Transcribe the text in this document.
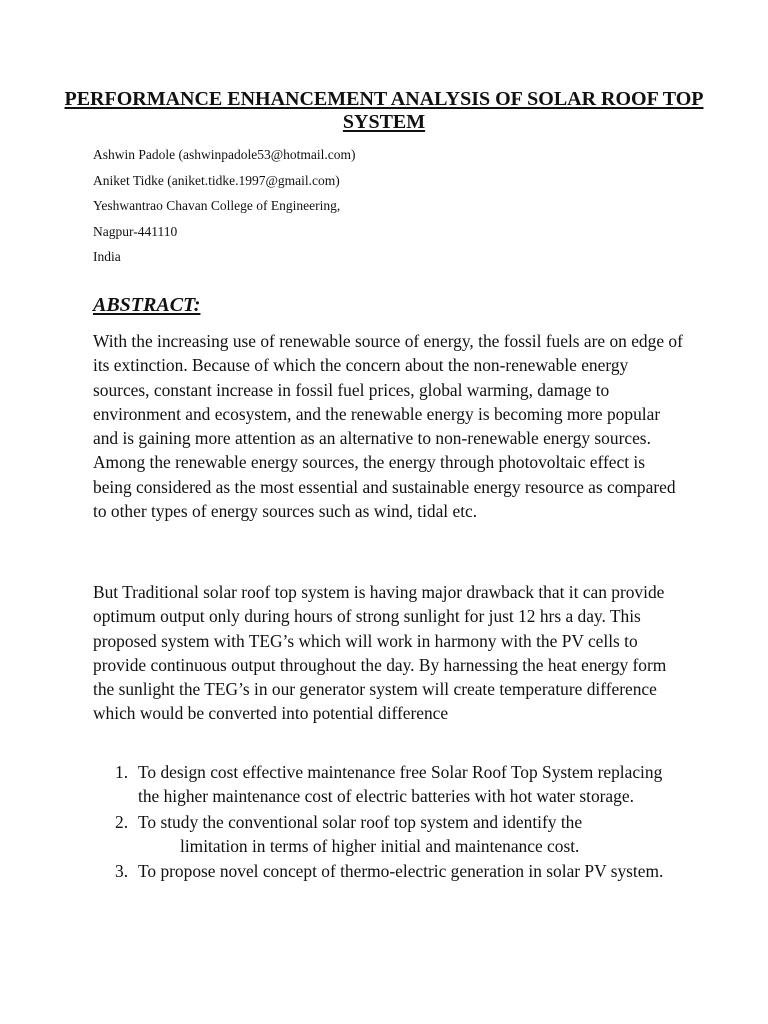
PERFORMANCE ENHANCEMENT ANALYSIS OF SOLAR ROOF TOP SYSTEM
Ashwin Padole (ashwinpadole53@hotmail.com)
Aniket Tidke (aniket.tidke.1997@gmail.com)
Yeshwantrao Chavan College of Engineering,
Nagpur-441110
India
ABSTRACT:

With the increasing use of renewable source of energy, the fossil fuels are on edge of its extinction. Because of which the concern about the non-renewable energy sources, constant increase in fossil fuel prices, global warming, damage to environment and ecosystem, and the renewable energy is becoming more popular and is gaining more attention as an alternative to non-renewable energy sources. Among the renewable energy sources, the energy through photovoltaic effect is being considered as the most essential and sustainable energy resource as compared to other types of energy sources such as wind, tidal etc.

But Traditional solar roof top system is having major drawback that it can provide optimum output only during hours of strong sunlight for just 12 hrs a day. This proposed system with TEG’s which will work in harmony with the PV cells to provide continuous output throughout the day. By harnessing the heat energy form the sunlight the TEG’s in our generator system will create temperature difference which would be converted into potential difference

1. To design cost effective maintenance free Solar Roof Top System replacing the higher maintenance cost of electric batteries with hot water storage.
2. To study the conventional solar roof top system and identify the
limitation in terms of higher initial and maintenance cost.
3. To propose novel concept of thermo-electric generation in solar PV system.
